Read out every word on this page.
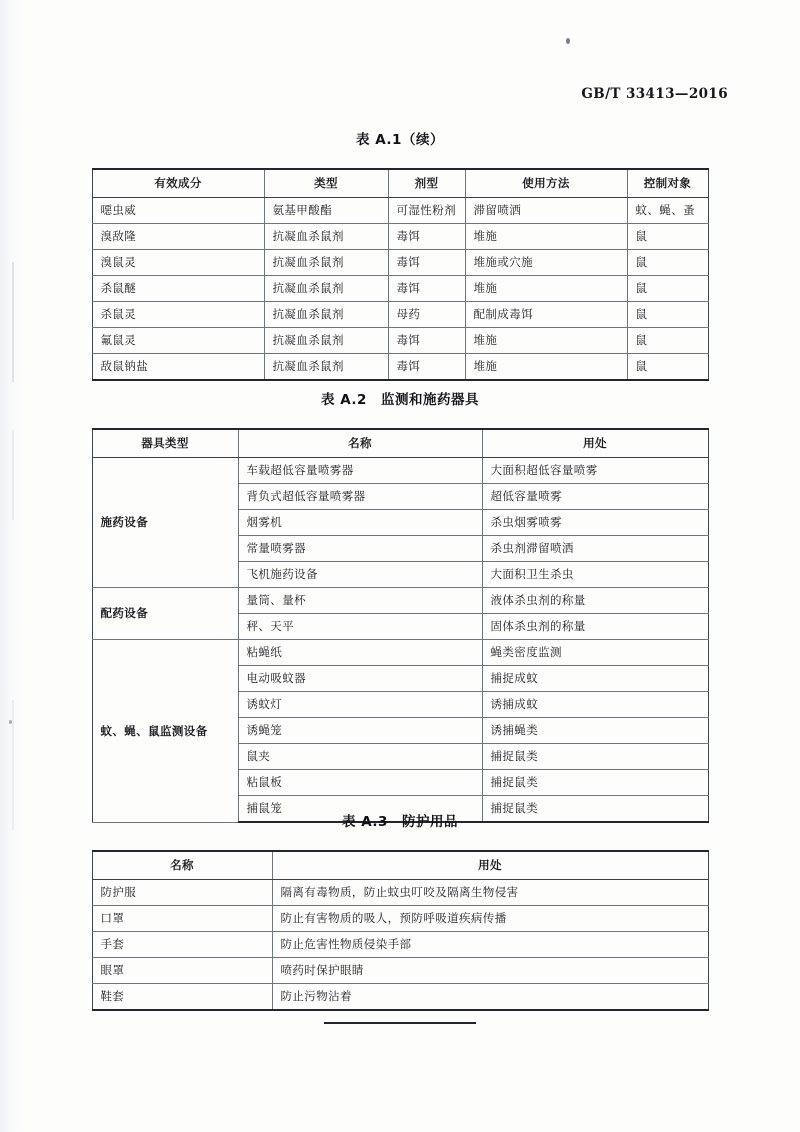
GB/T 33413—2016
表 A.1（续）
有效成分	类型	剂型	使用方法	控制对象
噁虫威	氨基甲酸酯	可湿性粉剂	滞留喷洒	蚊、蝇、蚤
溴敌隆	抗凝血杀鼠剂	毒饵	堆施	鼠
溴鼠灵	抗凝血杀鼠剂	毒饵	堆施或穴施	鼠
杀鼠醚	抗凝血杀鼠剂	毒饵	堆施	鼠
杀鼠灵	抗凝血杀鼠剂	母药	配制成毒饵	鼠
氟鼠灵	抗凝血杀鼠剂	毒饵	堆施	鼠
敌鼠钠盐	抗凝血杀鼠剂	毒饵	堆施	鼠
表 A.2　监测和施药器具
器具类型	名称	用处
施药设备	车载超低容量喷雾器	大面积超低容量喷雾
	背负式超低容量喷雾器	超低容量喷雾
	烟雾机	杀虫烟雾喷雾
	常量喷雾器	杀虫剂滞留喷洒
	飞机施药设备	大面积卫生杀虫
配药设备	量筒、量杯	液体杀虫剂的称量
	秤、天平	固体杀虫剂的称量
蚊、蝇、鼠监测设备	粘蝇纸	蝇类密度监测
	电动吸蚊器	捕捉成蚊
	诱蚊灯	诱捕成蚊
	诱蝇笼	诱捕蝇类
	鼠夹	捕捉鼠类
	粘鼠板	捕捉鼠类
	捕鼠笼	捕捉鼠类
表 A.3　防护用品
名称	用处
防护服	隔离有毒物质，防止蚊虫叮咬及隔离生物侵害
口罩	防止有害物质的吸人，预防呼吸道疾病传播
手套	防止危害性物质侵染手部
眼罩	喷药时保护眼睛
鞋套	防止污物沾着
